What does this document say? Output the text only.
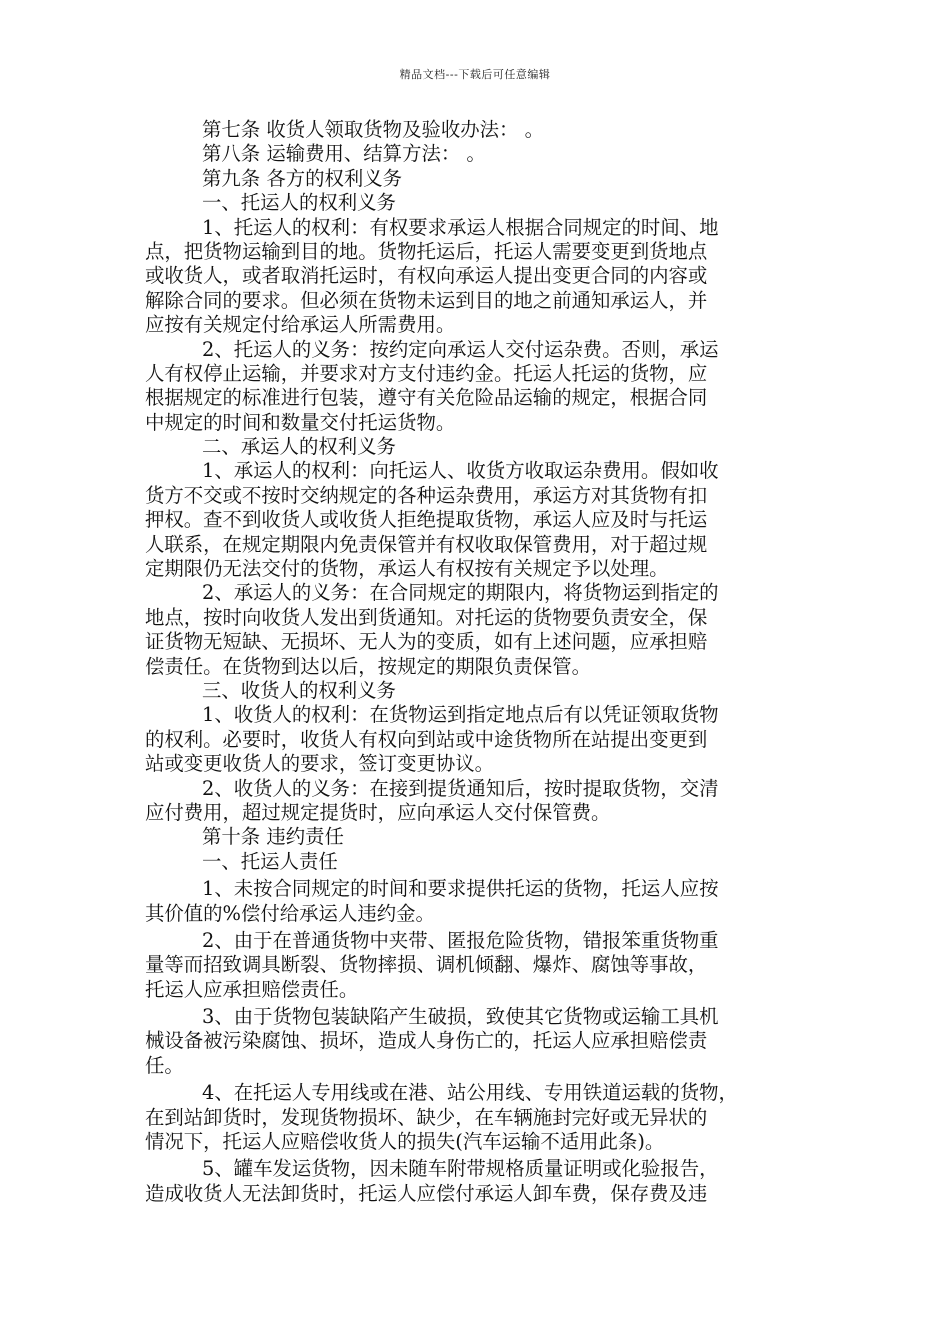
精品文档---下载后可任意编辑
第七条 收货人领取货物及验收办法： 。
第八条 运输费用、结算方法： 。
第九条 各方的权利义务
一、托运人的权利义务
1、托运人的权利：有权要求承运人根据合同规定的时间、地
点，把货物运输到目的地。货物托运后，托运人需要变更到货地点
或收货人，或者取消托运时，有权向承运人提出变更合同的内容或
解除合同的要求。但必须在货物未运到目的地之前通知承运人，并
应按有关规定付给承运人所需费用。
2、托运人的义务：按约定向承运人交付运杂费。否则，承运
人有权停止运输，并要求对方支付违约金。托运人托运的货物，应
根据规定的标准进行包装，遵守有关危险品运输的规定，根据合同
中规定的时间和数量交付托运货物。
二、承运人的权利义务
1、承运人的权利：向托运人、收货方收取运杂费用。假如收
货方不交或不按时交纳规定的各种运杂费用，承运方对其货物有扣
押权。查不到收货人或收货人拒绝提取货物，承运人应及时与托运
人联系，在规定期限内免责保管并有权收取保管费用，对于超过规
定期限仍无法交付的货物，承运人有权按有关规定予以处理。
2、承运人的义务：在合同规定的期限内，将货物运到指定的
地点，按时向收货人发出到货通知。对托运的货物要负责安全，保
证货物无短缺、无损坏、无人为的变质，如有上述问题，应承担赔
偿责任。在货物到达以后，按规定的期限负责保管。
三、收货人的权利义务
1、收货人的权利：在货物运到指定地点后有以凭证领取货物
的权利。必要时，收货人有权向到站或中途货物所在站提出变更到
站或变更收货人的要求，签订变更协议。
2、收货人的义务：在接到提货通知后，按时提取货物，交清
应付费用，超过规定提货时，应向承运人交付保管费。
第十条 违约责任
一、托运人责任
1、未按合同规定的时间和要求提供托运的货物，托运人应按
其价值的%偿付给承运人违约金。
2、由于在普通货物中夹带、匿报危险货物，错报笨重货物重
量等而招致调具断裂、货物摔损、调机倾翻、爆炸、腐蚀等事故，
托运人应承担赔偿责任。
3、由于货物包装缺陷产生破损，致使其它货物或运输工具机
械设备被污染腐蚀、损坏，造成人身伤亡的，托运人应承担赔偿责
任。
4、在托运人专用线或在港、站公用线、专用铁道运载的货物，
在到站卸货时，发现货物损坏、缺少，在车辆施封完好或无异状的
情况下，托运人应赔偿收货人的损失(汽车运输不适用此条)。
5、罐车发运货物，因未随车附带规格质量证明或化验报告，
造成收货人无法卸货时，托运人应偿付承运人卸车费，保存费及违
